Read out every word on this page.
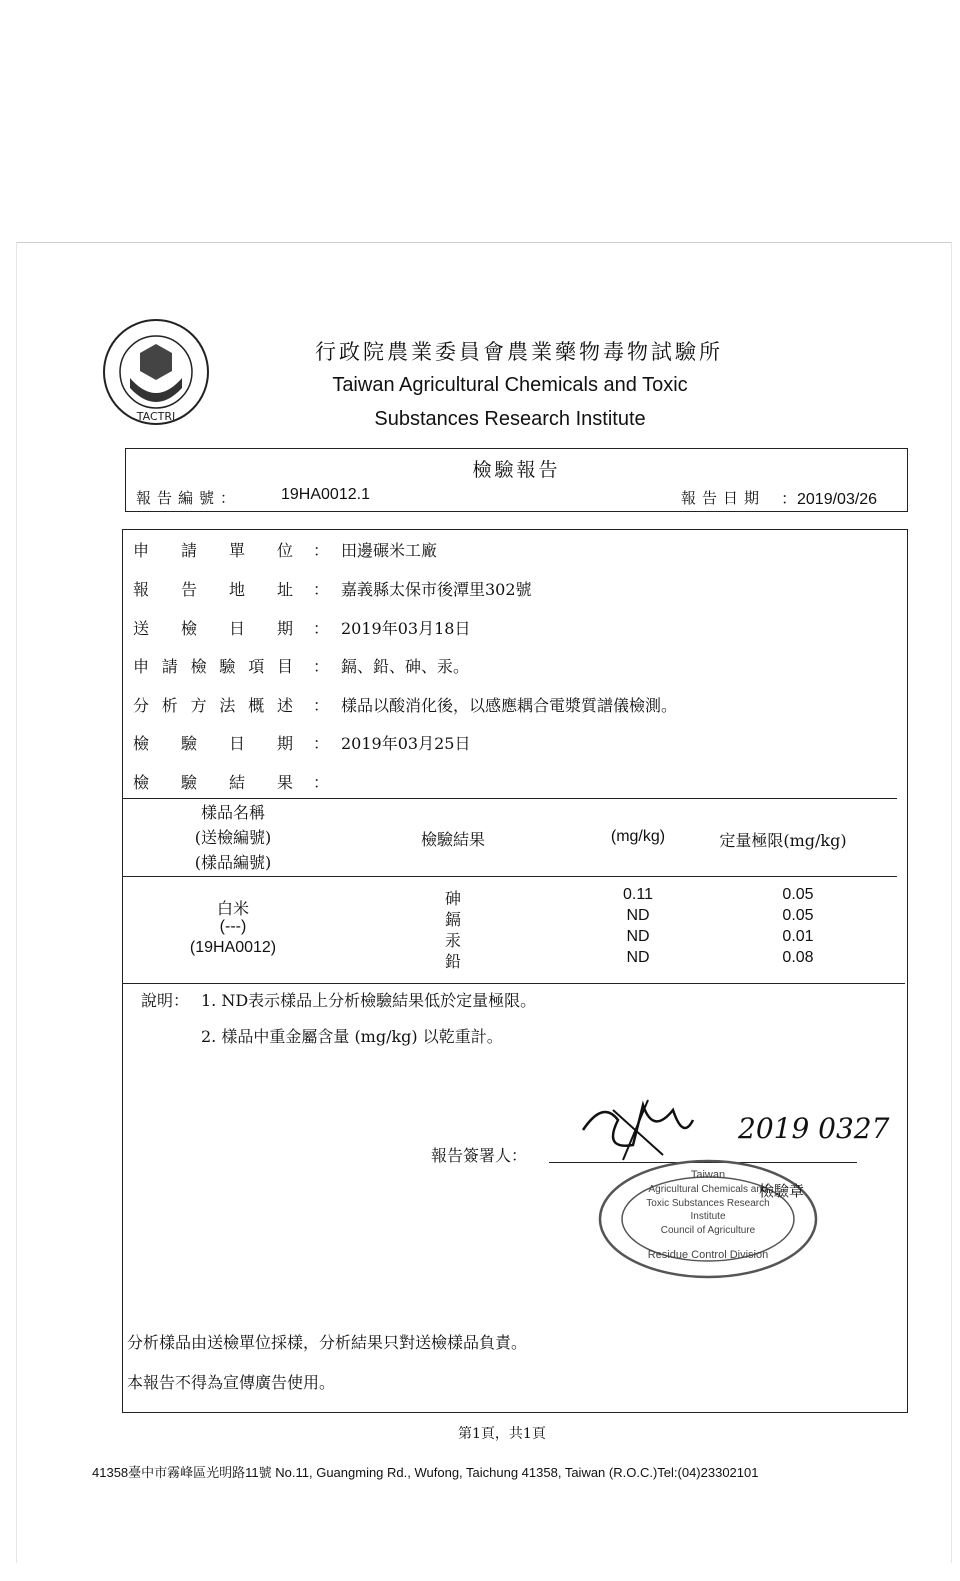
TACTRI
行政院農業委員會農業藥物毒物試驗所
Taiwan Agricultural Chemicals and Toxic
Substances Research Institute
檢驗報告
報告編號： 19HA0012.1	報告日期 ：2019/03/26
申 請 單 位 ： 田邊碾米工廠
報 告 地 址 ： 嘉義縣太保市後潭里302號
送 檢 日 期 ： 2019年03月18日
申 請 檢 驗 項 目 ： 鎘、鉛、砷、汞。
分 析 方 法 概 述 ： 樣品以酸消化後，以感應耦合電漿質譜儀檢測。
檢 驗 日 期 ： 2019年03月25日
檢 驗 結 果 ：
樣品名稱
(送檢編號)
(樣品編號)
檢驗結果	(mg/kg)	定量極限(mg/kg)
白米
(---)
(19HA0012)
砷	0.11	0.05
鎘	ND	0.05
汞	ND	0.01
鉛	ND	0.08
說明： 1. ND表示樣品上分析檢驗結果低於定量極限。
2. 樣品中重金屬含量 (mg/kg) 以乾重計。
報告簽署人：
2019 0327
Taiwan
Agricultural Chemicals and
Toxic Substances Research
Institute
Council of Agriculture
Residue Control Division
檢驗章
分析樣品由送檢單位採樣，分析結果只對送檢樣品負責。
本報告不得為宣傳廣告使用。
第1頁，共1頁
41358臺中市霧峰區光明路11號 No.11, Guangming Rd., Wufong, Taichung 41358, Taiwan (R.O.C.)Tel:(04)23302101
